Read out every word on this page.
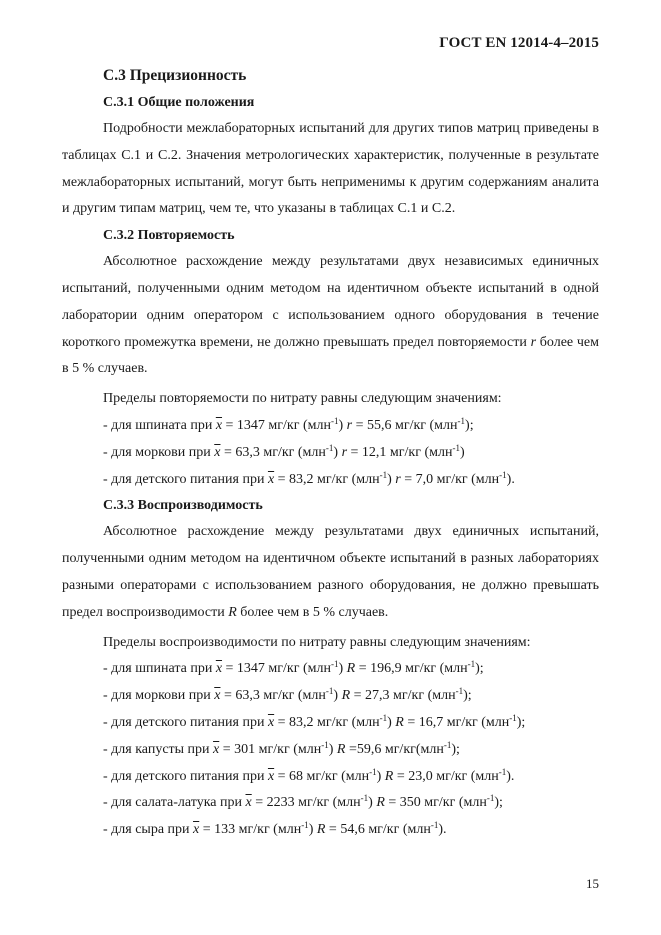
ГОСТ EN 12014-4–2015
С.3 Прецизионность
С.3.1 Общие положения

Подробности межлабораторных испытаний для других типов матриц приведены в таблицах С.1 и С.2. Значения метрологических характеристик, полученные в результате межлабораторных испытаний, могут быть неприменимы к другим содержаниям аналита и другим типам матриц, чем те, что указаны в таблицах С.1 и С.2.

С.3.2 Повторяемость

Абсолютное расхождение между результатами двух независимых единичных испытаний, полученными одним методом на идентичном объекте испытаний в одной лаборатории одним оператором с использованием одного оборудования в течение короткого промежутка времени, не должно превышать предел повторяемости r более чем в 5 % случаев.

Пределы повторяемости по нитрату равны следующим значениям:

- для шпината при $\overline{x} = 1347$ мг/кг (млн$^{-1}$) r = 55,6 мг/кг (млн$^{-1}$);

- для моркови при $\overline{x} = 63,3$ мг/кг (млн$^{-1}$) r = 12,1 мг/кг (млн$^{-1}$)

- для детского питания при $\overline{x} = 83,2$ мг/кг (млн$^{-1}$) r = 7,0 мг/кг (млн$^{-1}$).

С.3.3 Воспроизводимость

Абсолютное расхождение между результатами двух единичных испытаний, полученными одним методом на идентичном объекте испытаний в разных лабораториях разными операторами с использованием разного оборудования, не должно превышать предел воспроизводимости R более чем в 5 % случаев.

Пределы воспроизводимости по нитрату равны следующим значениям:

- для шпината при $\overline{x} = 1347$ мг/кг (млн$^{-1}$) R = 196,9 мг/кг (млн$^{-1}$);

- для моркови при $\overline{x} = 63,3$ мг/кг (млн$^{-1}$) R = 27,3 мг/кг (млн$^{-1}$);

- для детского питания при $\overline{x} = 83,2$ мг/кг (млн$^{-1}$) R = 16,7 мг/кг (млн$^{-1}$);

- для капусты при $\overline{x} = 301$ мг/кг (млн$^{-1}$) R =59,6 мг/кг(млн$^{-1}$);

- для детского питания при $\overline{x} = 68$ мг/кг (млн$^{-1}$) R = 23,0 мг/кг (млн$^{-1}$).

- для салата-латука при $\overline{x} = 2233$ мг/кг (млн$^{-1}$) R = 350 мг/кг (млн$^{-1}$);

- для сыра при $\overline{x} = 133$ мг/кг (млн$^{-1}$) R = 54,6 мг/кг (млн$^{-1}$).

15
